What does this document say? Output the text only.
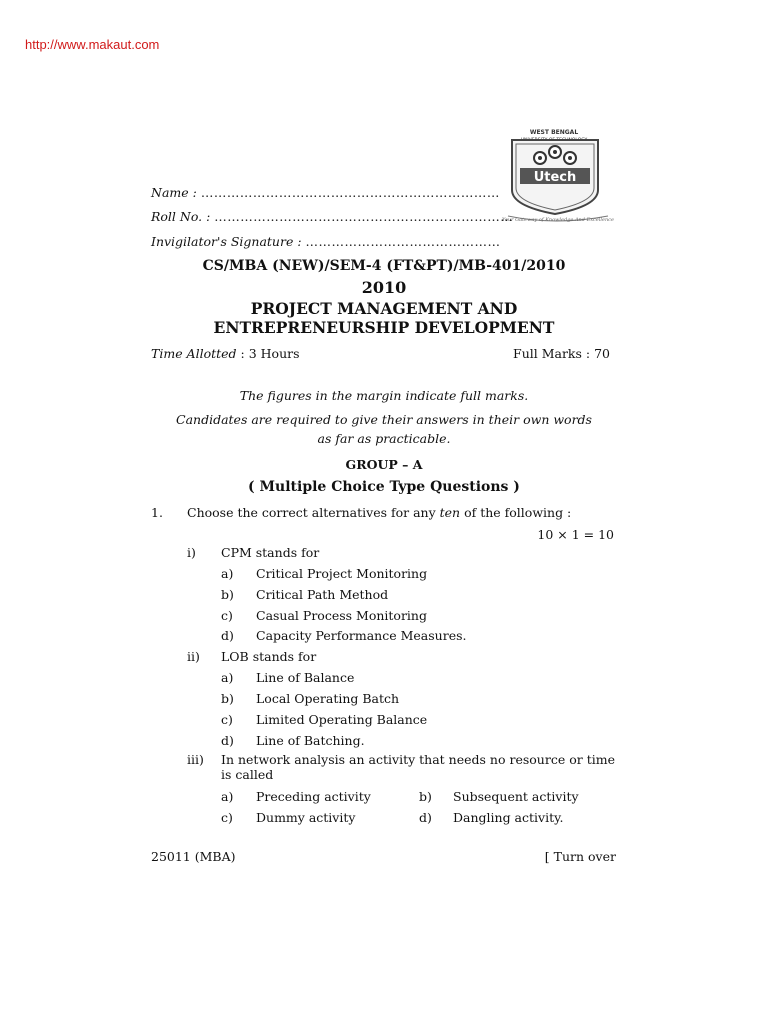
http://www.makaut.com
WEST BENGAL
Utech
Your Gateway of Knowledge And Excellence
Name : ……………………………………………………………
Roll No. : ……………………………………………………………
Invigilator's Signature : ………………………………………
CS/MBA (NEW)/SEM-4 (FT&PT)/MB-401/2010
2010
PROJECT MANAGEMENT AND
ENTREPRENEURSHIP DEVELOPMENT
Time Allotted : 3 Hours	Full Marks : 70
The figures in the margin indicate full marks.
Candidates are required to give their answers in their own words
as far as practicable.
GROUP – A
( Multiple Choice Type Questions )
1. Choose the correct alternatives for any ten of the following :
10 × 1 = 10
i) CPM stands for
a) Critical Project Monitoring
b) Critical Path Method
c) Casual Process Monitoring
d) Capacity Performance Measures.
ii) LOB stands for
a) Line of Balance
b) Local Operating Batch
c) Limited Operating Balance
d) Line of Batching.
iii) In network analysis an activity that needs no resource or time is called
a) Preceding activity	b) Subsequent activity
c) Dummy activity	d) Dangling activity.
25011 (MBA)	[ Turn over
